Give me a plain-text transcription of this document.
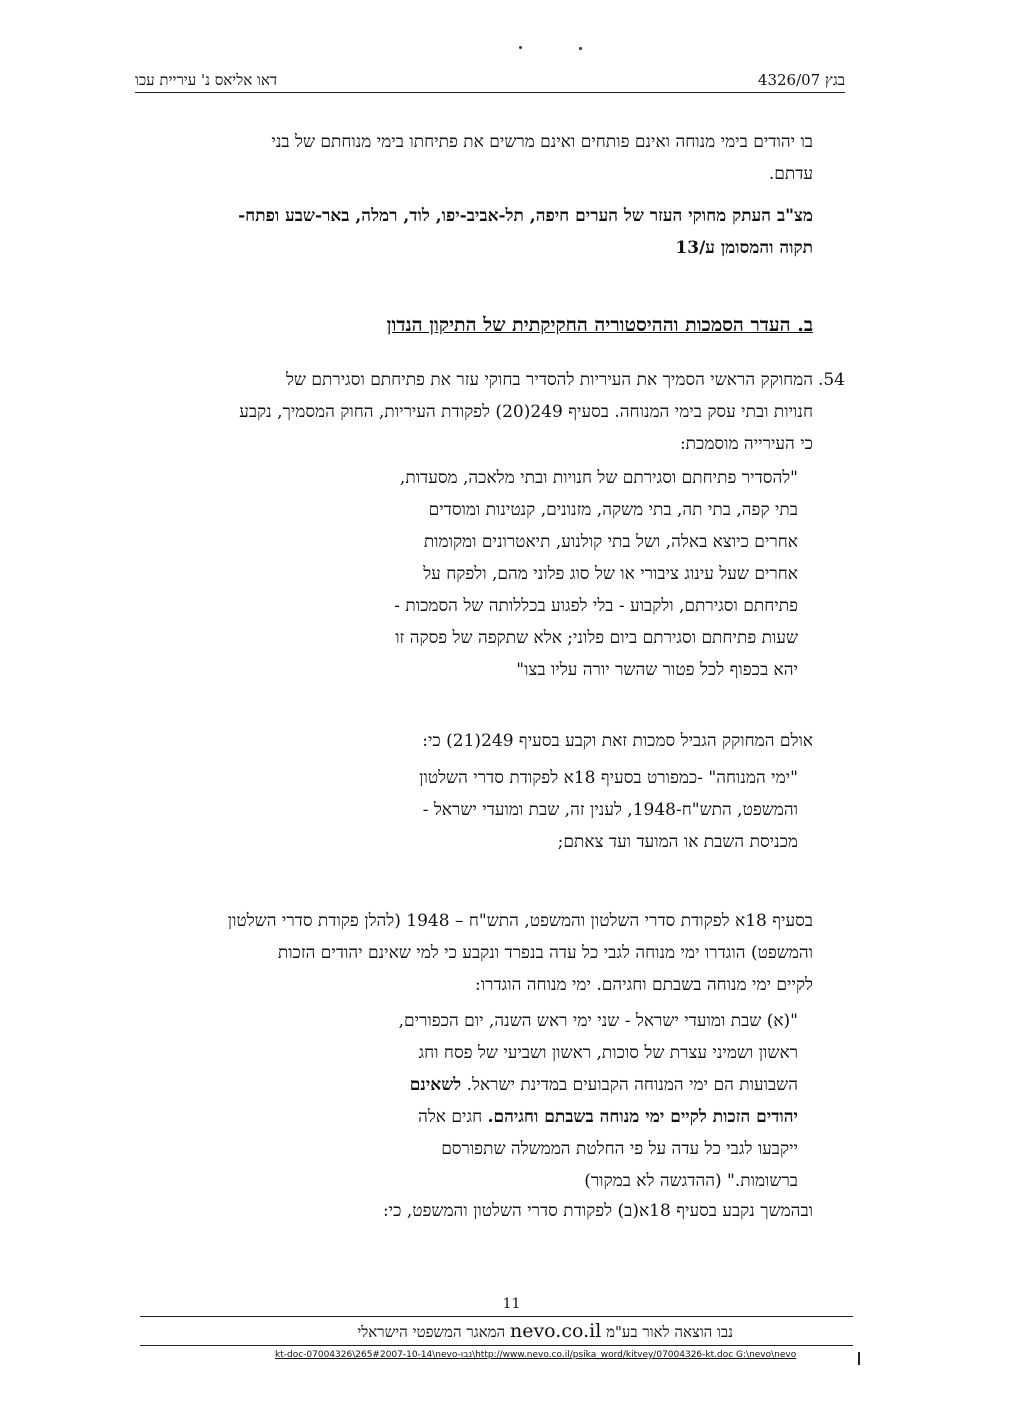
בגץ 4326/07
דאו אליאס נ' עיריית עכו

בו יהודים בימי מנוחה ואינם פותחים ואינם מרשים את פתיחתו בימי מנוחתם של בני

עדתם.

מצ"ב העתק מחוקי העזר של הערים חיפה, תל-אביב-יפו, לוד, רמלה, באר-שבע ופתח-

תקוה והמסומן ע/13

ב. העדר הסמכות וההיסטוריה החקיקתית של התיקון הנדון
54.

המחוקק הראשי הסמיך את העיריות להסדיר בחוקי עזר את פתיחתם וסגירתם של

חנויות ובתי עסק בימי המנוחה. בסעיף 249(20) לפקודת העיריות, החוק המסמיך, נקבע

כי העירייה מוסמכת:

"להסדיר פתיחתם וסגירתם של חנויות ובתי מלאכה, מסעדות,

בתי קפה, בתי תה, בתי משקה, מזנונים, קנטינות ומוסדים

אחרים כיוצא באלה, ושל בתי קולנוע, תיאטרונים ומקומות

אחרים שעל עינוג ציבורי או של סוג פלוני מהם, ולפקח על

פתיחתם וסגירתם, ולקבוע - בלי לפגוע בכללותה של הסמכות -

שעות פתיחתם וסגירתם ביום פלוני; אלא שתקפה של פסקה זו

יהא בכפוף לכל פטור שהשר יורה עליו בצו"

אולם המחוקק הגביל סמכות זאת וקבע בסעיף 249(21) כי:

"ימי המנוחה" -כמפורט בסעיף 18א לפקודת סדרי השלטון

והמשפט, התש"ח-1948, לענין זה, שבת ומועדי ישראל -

מכניסת השבת או המועד ועד צאתם;

בסעיף 18א לפקודת סדרי השלטון והמשפט, התש"ח – 1948 (להלן פקודת סדרי השלטון

והמשפט) הוגדרו ימי מנוחה לגבי כל עדה בנפרד ונקבע כי למי שאינם יהודים הזכות

לקיים ימי מנוחה בשבתם וחגיהם. ימי מנוחה הוגדרו:

"(א) שבת ומועדי ישראל - שני ימי ראש השנה, יום הכפורים,

ראשון ושמיני עצרת של סוכות, ראשון ושביעי של פסח וחג

השבועות הם ימי המנוחה הקבועים במדינת ישראל. לשאינם

יהודים הזכות לקיים ימי מנוחה בשבתם וחגיהם. חגים אלה

ייקבעו לגבי כל עדה על פי החלטת הממשלה שתפורסם

ברשומות." (ההדגשה לא במקור)

ובהמשך נקבע בסעיף 18א(ב) לפקודת סדרי השלטון והמשפט, כי:

11
נבו הוצאה לאור בע"מ nevo.co.il המאגר המשפטי הישראלי
kt-doc-07004326\265#2007-10-14\nevo-נבו\http://www.nevo.co.il/psika_word/kitvey/07004326-kt.doc G:\nevo\nevo
